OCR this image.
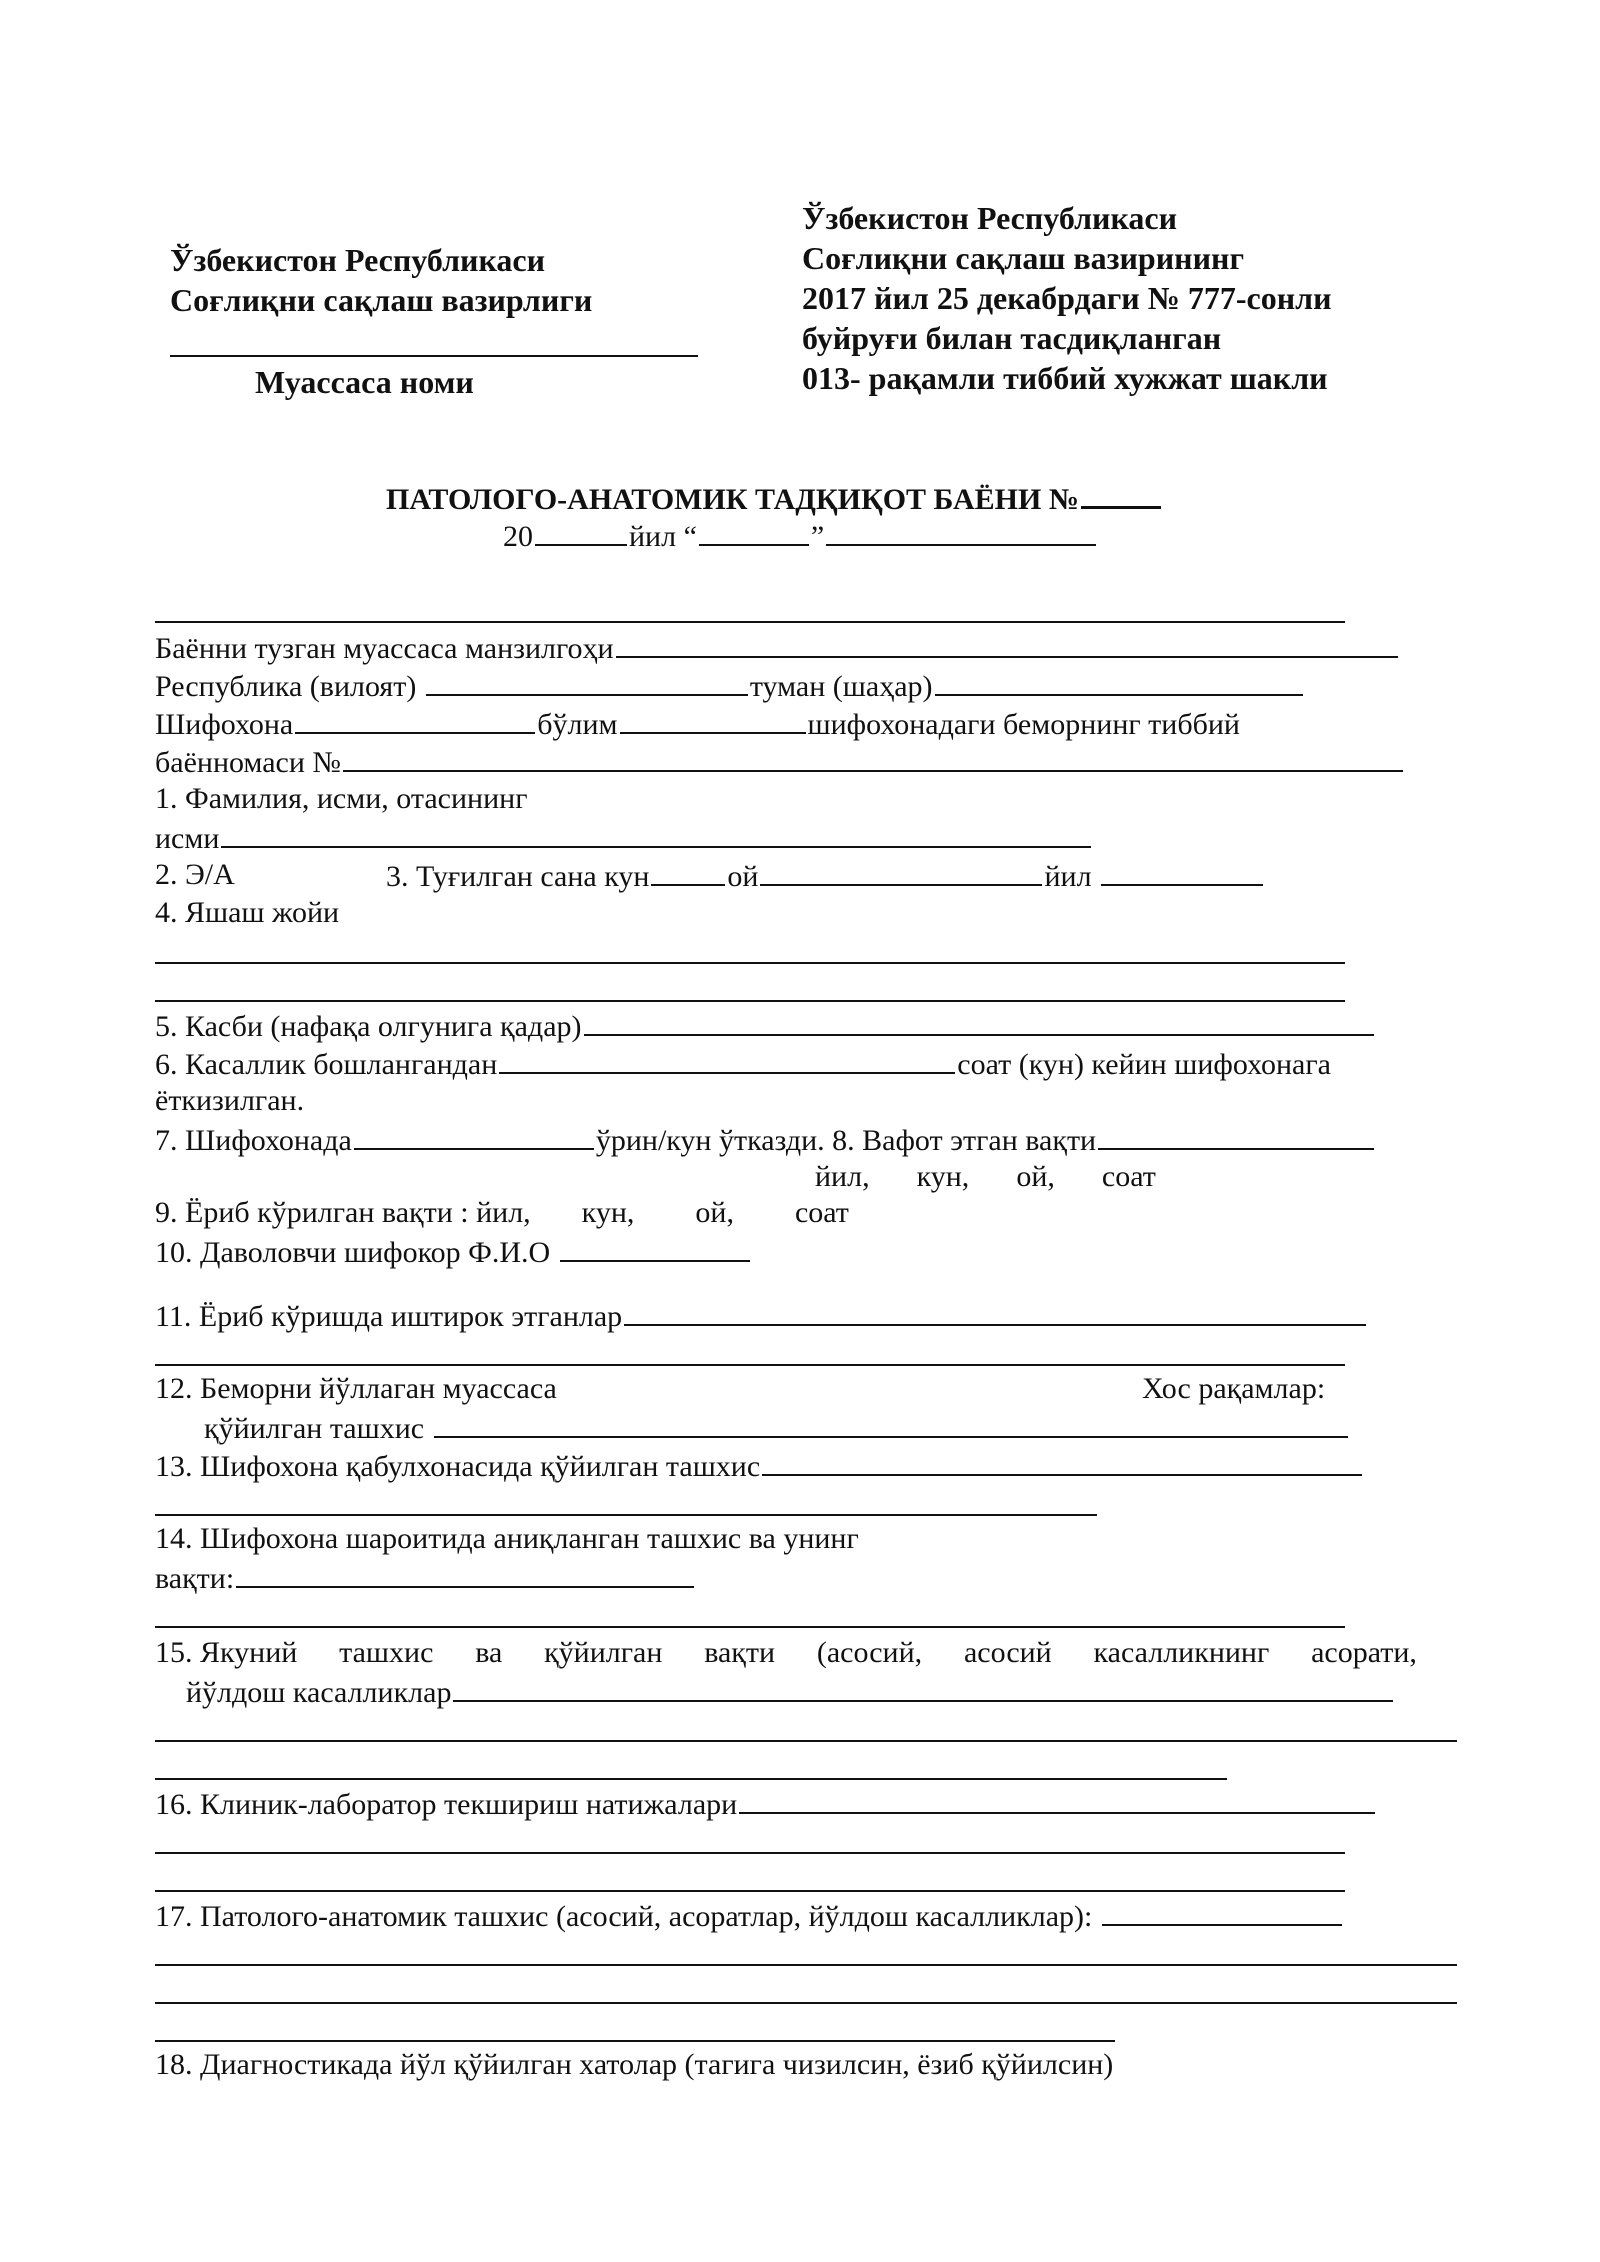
Ўзбекистон Республикаси
Соғлиқни сақлаш вазирлиги
Муассаса номи
Ўзбекистон Республикаси
Соғлиқни сақлаш вазирининг
2017 йил 25 декабрдаги № 777-сонли
буйруғи билан тасдиқланган
013- рақамли тиббий хужжат шакли
ПАТОЛОГО-АНАТОМИК ТАДҚИҚОТ БАЁНИ №
20	йил “	”
Баённи тузган муассаса манзилгоҳи
Республика (вилоят)	туман (шаҳар)
Шифохона	бўлим	шифохонадаги беморнинг тиббий
баённомаси №
1. Фамилия, исми, отасининг
исми
2. Э/А	3. Туғилган сана кун	ой	йил
4. Яшаш жойи
5. Касби (нафақа олгунига қадар)
6. Касаллик бошлангандан	соат (кун) кейин шифохонага
ёткизилган.
7. Шифохонада	ўрин/кун ўтказди. 8. Вафот этган вақти
йил, кун, ой, соат
9. Ёриб кўрилган вақти : йил, кун, ой, соат
10. Даволовчи шифокор Ф.И.О
11. Ёриб кўришда иштирок этганлар
12. Беморни йўллаган муассаса	Хос рақамлар:
қўйилган ташхис
13. Шифохона қабулхонасида қўйилган ташхис
14. Шифохона шароитида аниқланган ташхис ва унинг
вақти:
15. Якуний ташхис ва қўйилган вақти (асосий, асосий касалликнинг асорати,
йўлдош касалликлар
16. Клиник-лаборатор текшириш натижалари
17. Патолого-анатомик ташхис (асосий, асоратлар, йўлдош касалликлар):
18. Диагностикада йўл қўйилган хатолар (тагига чизилсин, ёзиб қўйилсин)
